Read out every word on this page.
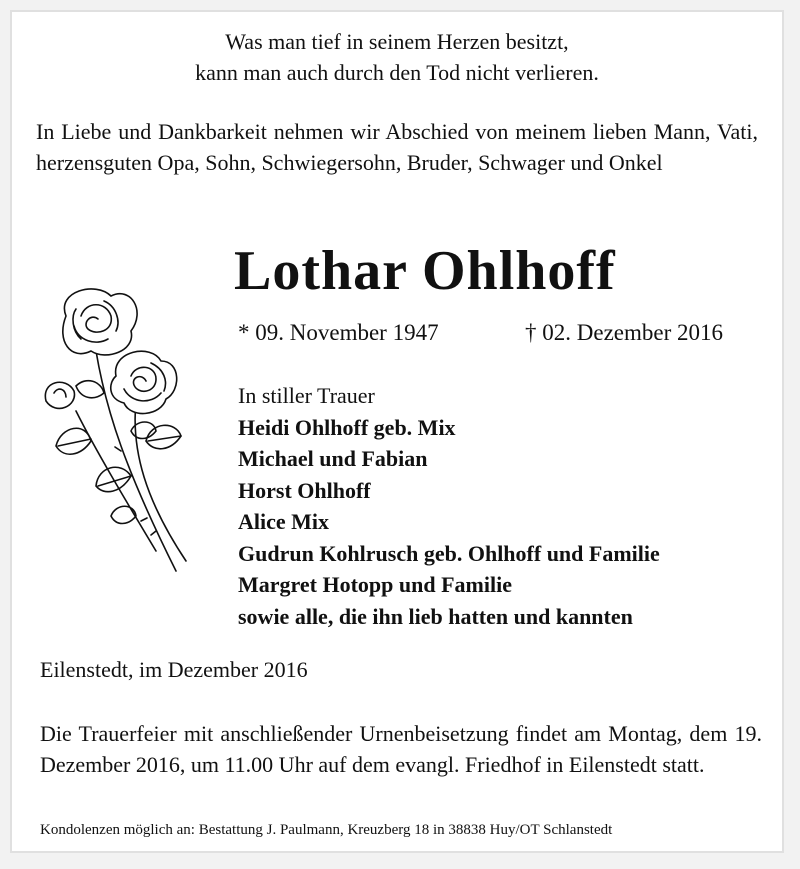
Was man tief in seinem Herzen besitzt,
kann man auch durch den Tod nicht verlieren.
In Liebe und Dankbarkeit nehmen wir Abschied von meinem lieben Mann, Vati, herzensguten Opa, Sohn, Schwiegersohn, Bruder, Schwager und Onkel
Lothar Ohlhoff
* 09. November 1947	† 02. Dezember 2016
In stiller Trauer
Heidi Ohlhoff geb. Mix
Michael und Fabian
Horst Ohlhoff
Alice Mix
Gudrun Kohlrusch geb. Ohlhoff und Familie
Margret Hotopp und Familie
sowie alle, die ihn lieb hatten und kannten
Eilenstedt, im Dezember 2016
Die Trauerfeier mit anschließender Urnenbeisetzung findet am Montag, dem 19. Dezember 2016, um 11.00 Uhr auf dem evangl. Friedhof in Eilenstedt statt.
Kondolenzen möglich an: Bestattung J. Paulmann, Kreuzberg 18 in 38838 Huy/OT Schlanstedt
